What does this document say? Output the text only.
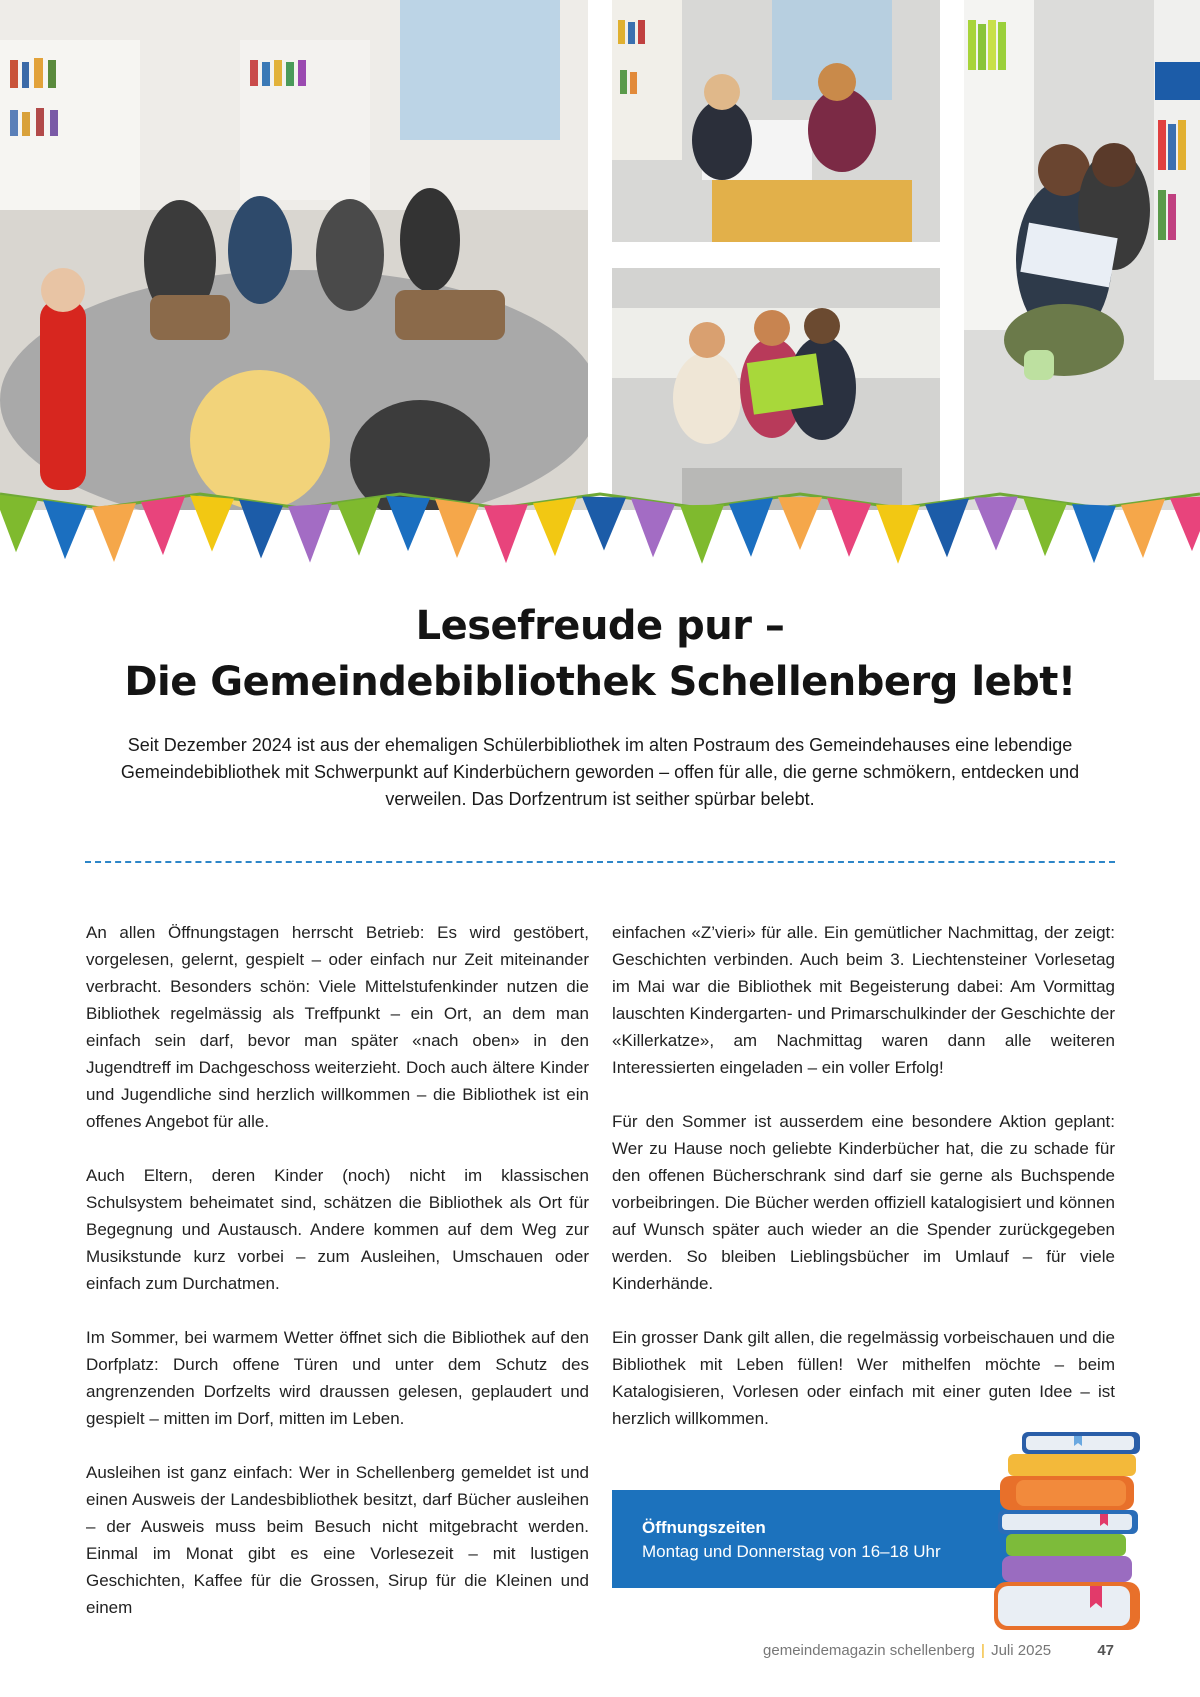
Lesefreude pur –
Die Gemeindebibliothek Schellenberg lebt!

Seit Dezember 2024 ist aus der ehemaligen Schülerbibliothek im alten Postraum des Gemeindehauses eine lebendige Gemeindebibliothek mit Schwerpunkt auf Kinderbüchern geworden – offen für alle, die gerne schmökern, entdecken und verweilen. Das Dorfzentrum ist seither spürbar belebt.

An allen Öffnungstagen herrscht Betrieb: Es wird gestöbert, vorgelesen, gelernt, gespielt – oder einfach nur Zeit miteinander verbracht. Besonders schön: Viele Mittelstufenkinder nutzen die Bibliothek regelmässig als Treffpunkt – ein Ort, an dem man einfach sein darf, bevor man später «nach oben» in den Jugendtreff im Dachgeschoss weiterzieht. Doch auch ältere Kinder und Jugendliche sind herzlich willkommen – die Bibliothek ist ein offenes Angebot für alle.

Auch Eltern, deren Kinder (noch) nicht im klassischen Schulsystem beheimatet sind, schätzen die Bibliothek als Ort für Begegnung und Austausch. Andere kommen auf dem Weg zur Musikstunde kurz vorbei – zum Ausleihen, Umschauen oder einfach zum Durchatmen.

Im Sommer, bei warmem Wetter öffnet sich die Bibliothek auf den Dorfplatz: Durch offene Türen und unter dem Schutz des angrenzenden Dorfzelts wird draussen gelesen, geplaudert und gespielt – mitten im Dorf, mitten im Leben.

Ausleihen ist ganz einfach: Wer in Schellenberg gemeldet ist und einen Ausweis der Landesbibliothek besitzt, darf Bücher ausleihen – der Ausweis muss beim Besuch nicht mitgebracht werden. Einmal im Monat gibt es eine Vorlesezeit – mit lustigen Geschichten, Kaffee für die Grossen, Sirup für die Kleinen und einem

einfachen «Z’vieri» für alle. Ein gemütlicher Nachmittag, der zeigt: Geschichten verbinden. Auch beim 3. Liechtensteiner Vorlesetag im Mai war die Bibliothek mit Begeisterung dabei: Am Vormittag lauschten Kindergarten- und Primarschulkinder der Geschichte der «Killerkatze», am Nachmittag waren dann alle weiteren Interessierten eingeladen – ein voller Erfolg!

Für den Sommer ist ausserdem eine besondere Aktion geplant: Wer zu Hause noch geliebte Kinderbücher hat, die zu schade für den offenen Bücherschrank sind darf sie gerne als Buchspende vorbeibringen. Die Bücher werden offiziell katalogisiert und können auf Wunsch später auch wieder an die Spender zurückgegeben werden. So bleiben Lieblingsbücher im Umlauf – für viele Kinderhände.

Ein grosser Dank gilt allen, die regelmässig vorbeischauen und die Bibliothek mit Leben füllen! Wer mithelfen möchte – beim Katalogisieren, Vorlesen oder einfach mit einer guten Idee – ist herzlich willkommen.

Öffnungszeiten
Montag und Donnerstag von 16–18 Uhr
gemeindemagazin schellenberg | Juli 2025	47
